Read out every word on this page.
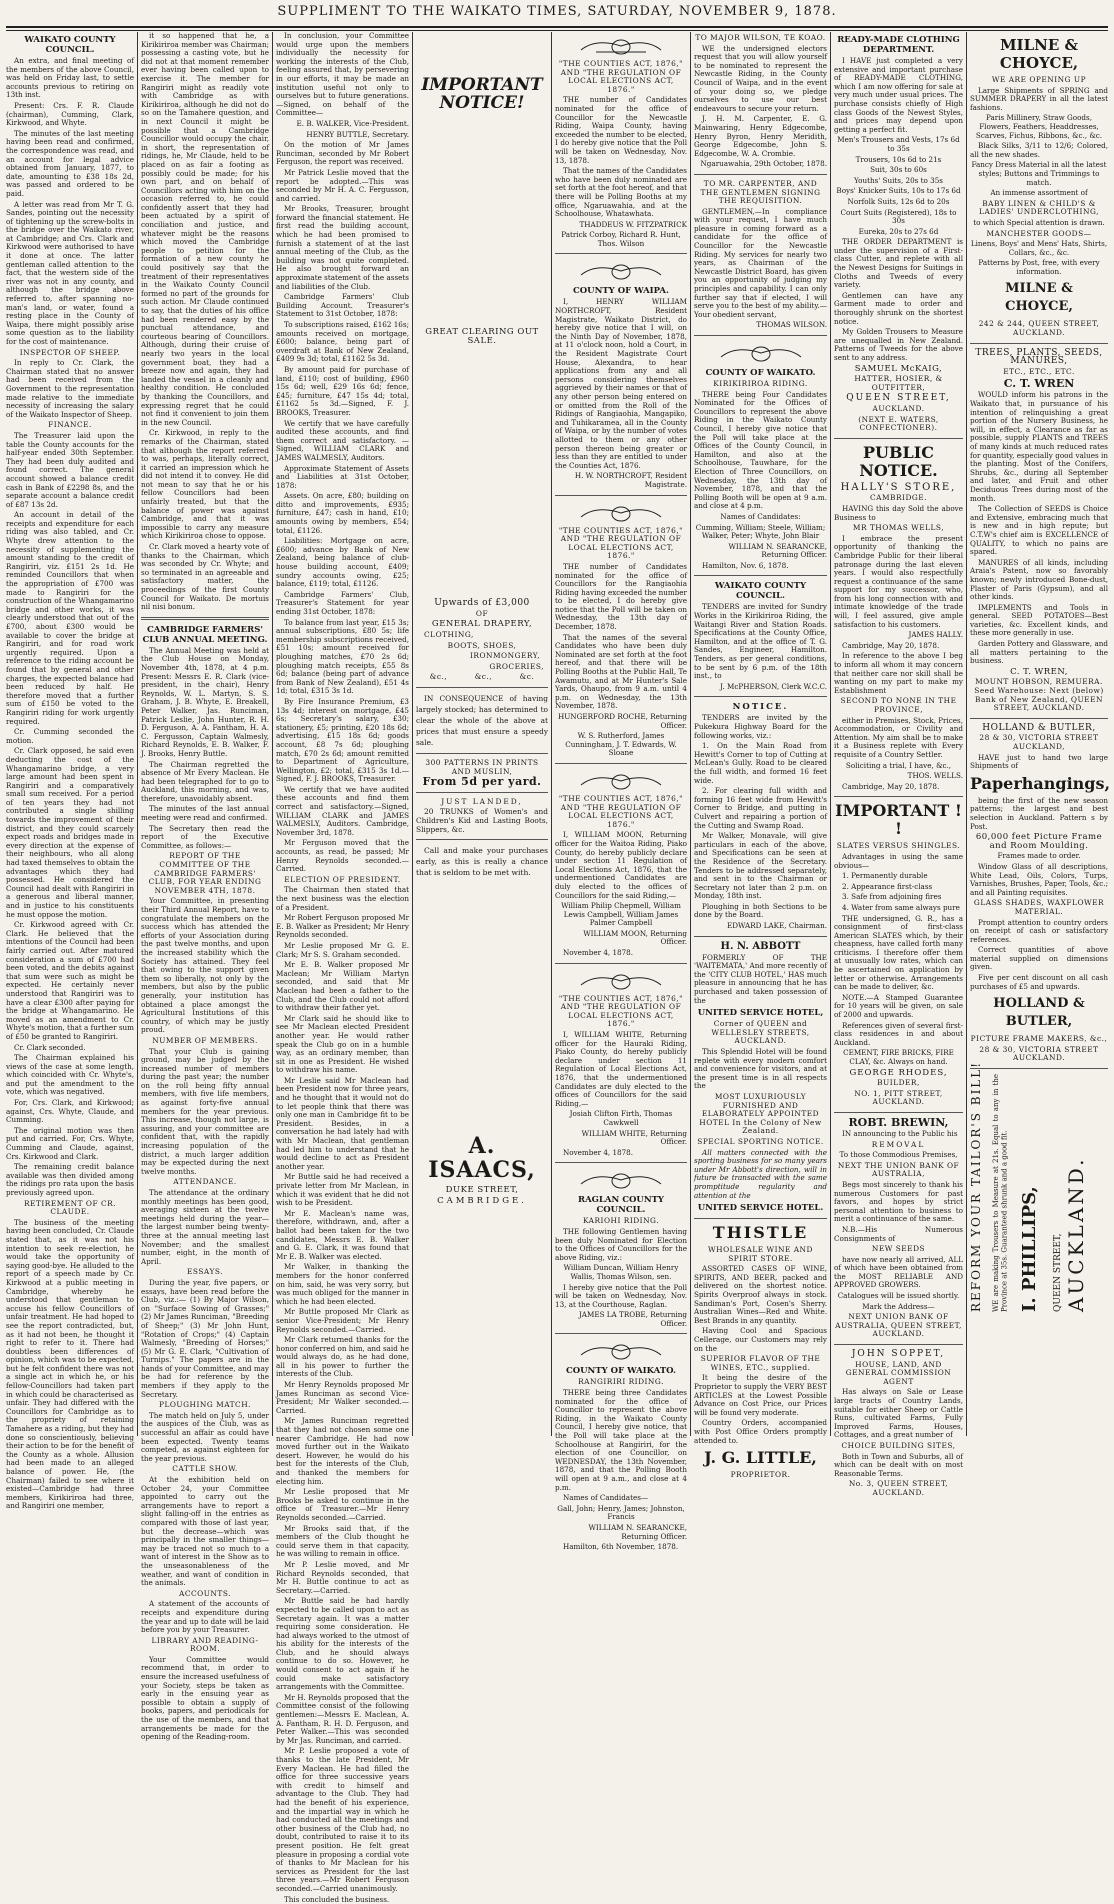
SUPPLIMENT TO THE WAIKATO TIMES, SATURDAY, NOVEMBER 9, 1878.
WAIKATO COUNTY COUNCIL.

An extra, and final meeting of the members of the above Council, was held on Friday last, to settle accounts previous to retiring on 13th inst.

Present: Crs. F. R. Claude (chairman), Cumming, Clark, Kirkwood, and Whyte.

The minutes of the last meeting having been read and confirmed, the correspondence was read, and an account for legal advice obtained from January, 1877, to date, amounting to £38 18s 2d, was passed and ordered to be paid.

A letter was read from Mr T. G. Sandes, pointing out the necessity of tightening up the screw-bolts in the bridge over the Waikato river, at Cambridge; and Crs. Clark and Kirkwood were authorised to have it done at once. The latter gentleman called attention to the fact, that the western side of the river was not in any county, and although the bridge above referred to, after spanning no-man's land, or water, found a resting place in the County of Waipa, there might possibly arise some question as to the liability for the cost of maintenance.

INSPECTOR OF SHEEP.

In reply to Cr. Clark, the Chairman stated that no answer had been received from the Government to the representation made relative to the immediate necessity of increasing the salary of the Waikato Inspector of Sheep.

FINANCE.

The Treasurer laid upon the table the County accounts for the half-year ended 30th September. They had been duly audited and found correct. The general account showed a balance credit cash in Bank of £2298 8s, and the separate account a balance credit of £87 13s 2d.

An account in detail of the receipts and expenditure for each riding was also tabled, and Cr. Whyte drew attention to the necessity of supplementing the amount standing to the credit of Rangiriri, viz. £151 2s 1d. He reminded Councillors that when the appropriation of £700 was made to Rangiriri for the construction of the Whangamarino bridge and other works, it was clearly understood that out of the £700, about £300 would be available to cover the bridge at Rangiriri, and for road work urgently required. Upon a reference to the riding account be found that by general and other charges, the expected balance had been reduced by half. He therefore moved that a further sum of £150 be voted to the Rangiriri riding for work urgently required.

Cr. Cumming seconded the motion.

Cr. Clark opposed, he said even deducting the cost of the Whangamarino bridge, a very large amount had been spent in Rangiriri and a comparatively small sum received. For a period of ten years they had not contributed a single shilling towards the improvement of their district, and they could scarcely expect roads and bridges made in every direction at the expense of their neighbours, who all along had taxed themselves to obtain the advantages which they had possessed. He considered the Council had dealt with Rangiriri in a generous and liberal manner, and in justice to his constituents he must oppose the motion.

Cr. Kirkwood agreed with Cr. Clark. He believed that the intentions of the Council had been fairly carried out. After matured consideration a sum of £700 had been voted, and the debits against that sum were such as might be expected. He certainly never understood that Rangiriri was to have a clear £300 after paying for the bridge at Whangamarino. He moved as an amendment to Cr. Whyte's motion, that a further sum of £50 be granted to Rangiriri.

Cr. Clark seconded.

The Chairman explained his views of the case at some length, which coincided with Cr. Whyte's, and put the amendment to the vote, which was negatived.

For, Crs. Clark, and Kirkwood; against, Crs. Whyte, Claude, and Cumming.

The original motion was then put and carried. For, Crs. Whyte, Cumming and Claude, against, Crs. Kirkwood and Clark.

The remaining credit balance available was then divided among the ridings pro rata upon the basis previously agreed upon.

RETIREMENT OF CR. CLAUDE.

The business of the meeting having been concluded, Cr. Claude stated that, as it was not his intention to seek re-election, he would take the opportunity of saying good-bye. He alluded to the report of a speech made by Cr. Kirkwood at a public meeting in Cambridge, whereby he understood that gentleman to accuse his fellow Councillors of unfair treatment. He had hoped to see the report contradicted, but, as it had not been, he thought it right to refer to it. There had doubtless been differences of opinion, which was to be expected, but he felt confident there was not a single act in which he, or his fellow-Councillors had taken part in which could be characterised as unfair. They had differed with the Councillors for Cambridge as to the propriety of retaining Tamahere as a riding, but they had done so conscientiously, believing their action to be for the benefit of the County as a whole. Allusion had been made to an alleged balance of power. He, (the Chairman) failed to see where it existed—Cambridge had three members, Kirikiriroa had three, and Rangiriri one member,

it so happened that he, a Kirikiriroa member was Chairman; possessing a casting vote, but he did not at that moment remember ever having been called upon to exercise it. The member for Rangiriri might as readily vote with Cambridge as with Kirikiriroa, although he did not do so on the Tamahere question, and in next Council it might be possible that a Cambridge Councillor would occupy the chair, in short, the representation of ridings, he, Mr Claude, held to be placed on as fair a footing as possibly could be made; for his own part, and on behalf of Councillors acting with him on the occasion referred to, he could confidently assert that they had been actuated by a spirit of conciliation and justice, and whatever might be the reasons which moved the Cambridge people to petition for the formation of a new county he could positively say that the treatment of their representatives in the Waikato County Council formed no part of the grounds for such action. Mr Claude continued to say, that the duties of his office had been rendered easy by the punctual attendance, and courteous bearing of Councillors. Although, during their cruise of nearly two years in the local government boat, they had a breeze now and again, they had landed the vessel in a cleanly and healthy condition. He concluded by thanking the Councillors, and expressing regret that he could not find it convenient to join them in the new Council.

Cr. Kirkwood, in reply to the remarks of the Chairman, stated that although the report referred to was, perhaps, literally correct, it carried an impression which he did not intend it to convey. He did not mean to say that he or his fellow Councillors had been unfairly treated, but that the balance of power was against Cambridge, and that it was impossible to carry any measure which Kirikiriroa chose to oppose.

Cr. Clark moved a hearty vote of thanks to the Chairman, which was seconded by Cr. Whyte; and so terminated in an agreeable and satisfactory matter, the proceedings of the first County Council for Waikato. De mortuis nil nisi bonum.

CAMBRIDGE FARMERS' CLUB ANNUAL MEETING.

The Annual Meeting was held at the Club House on Monday, November 4th, 1878, at 4 p.m. Present: Messrs E. R. Clark (vice-president, in the chair), Henry Reynolds, W. L. Martyn, S. S. Graham, J. B. Whyte, E. Breakell, Peter Walker, Jas. Runciman, Patrick Leslie, John Hunter, R. H. D. Ferguson, A. A. Fantham, H. A. C. Fergusson, Captain Walmesly, Richard Reynolds, E. B. Walker, F. J. Brooks, Henry Buttle.

The Chairman regretted the absence of Mr Every Maclean. He had been telegraphed for to go to Auckland, this morning, and was, therefore, unavoidably absent.

The minutes of the last annual meeting were read and confirmed.

The Secretary then read the report of the Executive Committee, as follows:—

REPORT OF THE COMMITTEE OF THE CAMBRIDGE FARMERS' CLUB, FOR YEAR ENDING NOVEMBER 4TH, 1878.

Your Committee, in presenting their Third Annual Report, have to congratulate the members on the success which has attended the efforts of your Association during the past twelve months, and upon the increased stability which the Society has attained. They feel that owing to the support given them so liberally, not only by the members, but also by the public generally, your institution has obtained a place amongst the Agricultural Institutions of this country, of which may be justly proud.

NUMBER OF MEMBERS.

That your Club is gaining ground, may be judged by the increased number of members during the past year; the number on the roll being fifty annual members, with five life members, as against forty-five annual members for the year previous. This increase, though not large, is assuring, and your committee are confident that, with the rapidly increasing population of the district, a much larger addition may be expected during the next twelve months.

ATTENDANCE.

The attendance at the ordinary monthly meetings has been good, averaging sixteen at the twelve meetings held during the year—the largest number being twenty-three at the annual meeting last November; and the smallest number, eight, in the month of April.

ESSAYS.

During the year, five papers, or essays, have been read before the Club, viz.:— (1) By Major Wilson, on "Surface Sowing of Grasses;" (2) Mr James Runciman, "Breeding of Sheep;" (3) Mr John Hunt, "Rotation of Crops;" (4) Captain Walmesly, "Breeding of Horses;" (5) Mr G. E. Clark, "Cultivation of Turnips." The papers are in the hands of your Committee, and may be had for reference by the members if they apply to the Secretary.

PLOUGHING MATCH.

The match held on July 5, under the auspices of the Club, was as successful an affair as could have been expected. Twenty teams competed, as against eighteen for the year previous.

CATTLE SHOW.

At the exhibition held on October 24, your Committee appointed to carry out the arrangements have to report a slight falling-off in the entries as compared with those of last year, but the decrease—which was principally in the smaller things—may be traced not so much to a want of interest in the Show as to the unseasonableness of the weather, and want of condition in the animals.

ACCOUNTS.

A statement of the accounts of receipts and expenditure during the year and up to date will be laid before you by your Treasurer.

LIBRARY AND READING-ROOM.

Your Committee would recommend that, in order to ensure the increased usefulness of your Society, steps be taken as early in the ensuing year as possible to obtain a supply of books, papers, and periodicals for the use of the members, and that arrangements be made for the opening of the Reading-room.

In conclusion, your Committee would urge upon the members individually the necessity for working the interests of the Club, feeling assured that, by persevering in our efforts, it may be made an institution useful not only to ourselves but to future generations.—Signed, on behalf of the Committee—

E. B. WALKER, Vice-President.

HENRY BUTTLE, Secretary.

On the motion of Mr James Runciman, seconded by Mr Robert Ferguson, the report was received.

Mr Patrick Leslie moved that the report be adopted.—This was seconded by Mr H. A. C. Fergusson, and carried.

Mr Brooks, Treasurer, brought forward the financial statement. He first read the building account, which he had been promised to furnish a statement of at the last annual meeting of the Club, as the building was not quite completed. He also brought forward an approximate statement of the assets and liabilities of the Club.

Cambridge Farmers' Club Building Account. Treasurer's Statement to 31st October, 1878:

To subscriptions raised, £162 16s; amounts received on mortgage, £600; balance, being part of overdraft at Bank of New Zealand, £409 9s 3d; total, £1162 5s 3d.

By amount paid for purchase of land, £110; cost of building, £960 15s 6d; well, £29 16s 6d; fence, £45; furniture, £47 15s 4d; total, £1162 5s 3d.—Signed, F. J. BROOKS, Treasurer.

We certify that we have carefully audited these accounts, and find them correct and satisfactory. — Signed, WILLIAM CLARK and JAMES WALMESLY, Auditors.

Approximate Statement of Assets and Liabilities at 31st October, 1878:

Assets. On acre, £80; building on ditto and improvements, £935; furniture, £47; cash in hand, £10; amounts owing by members, £54; total, £1126.

Liabilities: Mortgage on acre, £600; advance by Bank of New Zealand, being balance of club-house building account, £409; sundry accounts owing, £25; balance, £119; total, £1126.

Cambridge Farmers' Club, Treasurer's Statement for year ending 31st October, 1878:

To balance from last year, £15 3s; annual subscriptions, £80 5s; life membership subscriptions received, £51 10s; amount received for ploughing matches, £70 2s 6d; ploughing match receipts, £55 8s 6d; balance (being part of advance from Bank of New Zealand), £51 4s 1d; total, £315 3s 1d.

By Fire Insurance Premium, £3 13s 4d; interest on mortgage, £45 6s; Secretary's salary, £30; stationery, £5; printing, £20 18s 6d; advertising, £15 18s 6d; goods account, £8 7s 6d; ploughing match, £70 2s 6d; amount remitted to Department of Agriculture, Wellington, £2; total, £315 3s 1d.—Signed, F. J. BROOKS, Treasurer.

We certify that we have audited these accounts and find them correct and satisfactory.—Signed, WILLIAM CLARK and JAMES WALMESLY, Auditors. Cambridge, November 3rd, 1878.

Mr Ferguson moved that the accounts, as read, be passed; Mr Henry Reynolds seconded.—Carried.

ELECTION OF PRESIDENT.

The Chairman then stated that the next business was the election of a President.

Mr Robert Ferguson proposed Mr E. B. Walker as President; Mr Henry Reynolds seconded.

Mr Leslie proposed Mr G. E. Clark; Mr S. S. Graham seconded.

Mr E. B. Walker proposed Mr Maclean; Mr William Martyn seconded, and said that Mr Maclean had been a father to the Club, and the Club could not afford to withdraw their father yet.

Mr Clark said he should like to see Mr Maclean elected President another year. He would rather speak the Club go on in a humble way, as an ordinary member, than sit in one as President. He wished to withdraw his name.

Mr Leslie said Mr Maclean had been President now for three years, and he thought that it would not do to let people think that there was only one man in Cambridge fit to be President. Besides, in a conversation he had lately had with with Mr Maclean, that gentleman had led him to understand that he would decline to act as President another year.

Mr Buttle said he had received a private letter from Mr Maclean, in which it was evident that he did not wish to be President.

Mr E. Maclean's name was, therefore, withdrawn, and, after a ballot had been taken for the two candidates, Messrs E. B. Walker and G. E. Clark, it was found that Mr E. B. Walker was elected.

Mr Walker, in thanking the members for the honor conferred on him, said, he was very sorry, but was much obliged for the manner in which he had been elected.

Mr Buttle proposed Mr Clark as senior Vice-President; Mr Henry Reynolds seconded.—Carried.

Mr Clark returned thanks for the honor conferred on him, and said he would always do, as he had done, all in his power to further the interests of the Club.

Mr Henry Reynolds proposed Mr James Runciman as second Vice-President; Mr Walker seconded.—Carried.

Mr James Runciman regretted that they had not chosen some one nearer Cambridge. He had now moved further out in the Waikato desert. However, he would do his best for the interests of the Club, and thanked the members for electing him.

Mr Leslie proposed that Mr Brooks be asked to continue in the office of Treasurer.—Mr Henry Reynolds seconded.—Carried.

Mr Brooks said that, if the members of the Club thought he could serve them in that capacity, he was willing to remain in office.

Mr P. Leslie moved, and Mr Richard Reynolds seconded, that Mr H. Buttle continue to act as Secretary.—Carried.

Mr Buttle said he had hardly expected to be called upon to act as Secretary again. It was a matter requiring some consideration. He had always worked to the utmost of his ability for the interests of the Club, and he should always continue to do so. However, he would consent to act again if he could make satisfactory arrangements with the Committee.

Mr H. Reynolds proposed that the Committee consist of the following gentlemen:—Messrs E. Maclean, A. A. Fantham, R. H. D. Ferguson, and Peter Walker.—This was seconded by Mr Jas. Runciman, and carried.

Mr P. Leslie proposed a vote of thanks to the late President, Mr Every Maclean. He had filled the office for three successive years with credit to himself and advantage to the Club. They had had the benefit of his experience, and the impartial way in which he had conducted all the meetings and other business of the Club had, no doubt, contributed to raise it to its present position. He felt great pleasure in proposing a cordial vote of thanks to Mr Maclean for his services as President for the last three years.—Mr Robert Ferguson seconded.—Carried unanimously.

This concluded the business.

IMPORTANT NOTICE!
GREAT CLEARING OUT SALE.
Upwards of £3,000
OF
GENERAL DRAPERY,
CLOTHING,
BOOTS, SHOES,
IRONMONGERY,
GROCERIES,
&c.,	&c.,	&c.

IN CONSEQUENCE of having largely stocked; has determined to clear the whole of the above at prices that must ensure a speedy sale.

300 PATTERNS IN PRINTS AND MUSLIN,
From 5d per yard.
JUST LANDED,

20 TRUNKS of Women's and Children's Kid and Lasting Boots, Slippers, &c.

Call and make your purchases early, as this is really a chance that is seldom to be met with.

A. ISAACS,
DUKE STREET,
CAMBRIDGE.
"THE COUNTIES ACT, 1876," AND "THE REGULATION OF LOCAL ELECTIONS ACT, 1876."

THE number of Candidates nominated for the office of Councillor for the Newcastle Riding, Waipa County, having exceeded the number to be elected, I do hereby give notice that the Poll will be taken on Wednesday, Nov. 13, 1878.

That the names of the Candidates who have been duly nominated are set forth at the foot hereof, and that there will be Polling Booths at my office, Ngaruawahia, and at the Schoolhouse, Whatawhata.

THADDEUS W. FITZPATRICK

Patrick Corboy, Richard R. Hunt, Thos. Wilson

COUNTY OF WAIPA.

I, HENRY WILLIAM NORTHCROFT, Resident Magistrate, Waikato District, do hereby give notice that I will, on the Ninth Day of November, 1878, at 11 o'clock noon, hold a Court, in the Resident Magistrate Court House, Alexandra, to hear applications from any and all persons considering themselves aggrieved by their names or that of any other person being entered on or omitted from the Roll of the Ridings of Rangiaohia, Mangapiko, and Tuhikaramea, all in the County of Waipa, or by the number of votes allotted to them or any other person thereon being greater or less than they are entitled to under the Counties Act, 1876.

H. W. NORTHCROFT, Resident Magistrate.

"THE COUNTIES ACT, 1876," AND "THE REGULATION OF LOCAL ELECTIONS ACT, 1876."

THE number of Candidates nominated for the office of Councillors for the Rangiaohia Riding having exceeded the number to be elected, I do hereby give notice that the Poll will be taken on Wednesday, the 13th day of December, 1878.

That the names of the several Candidates who have been duly Nominated are set forth at the foot hereof, and that there will be Polling Booths at the Public Hall, Te Awamutu, and at Mr Hunter's Sale Yards, Ohaupo, from 9 a.m. until 4 p.m. on Wednesday, the 13th November, 1878.

HUNGERFORD ROCHE, Returning Officer.

W. S. Rutherford, James Cunningham, J. T. Edwards, W. Sloane

"THE COUNTIES ACT, 1876," AND "THE REGULATION OF LOCAL ELECTIONS ACT, 1876."

I, WILLIAM MOON, Returning officer for the Waitoa Riding, Piako County, do hereby publicly declare under section 11 Regulation of Local Elections Act, 1876, that the undermentioned Candidates are duly elected to the offices of Councillors for the said Riding,—

William Philip Chepmell, William Lewis Campbell, William James Palmer Campbell

WILLIAM MOON, Returning Officer.

November 4, 1878.

"THE COUNTIES ACT, 1876," AND "THE REGULATION OF LOCAL ELECTIONS ACT, 1876."

I, WILLIAM WHITE, Returning officer for the Hauraki Riding, Piako County, do hereby publicly declare under section 11 Regulation of Local Elections Act, 1876, that the undermentioned Candidates are duly elected to the offices of Councillors for the said Riding,—

Josiah Clifton Firth, Thomas Cawkwell

WILLIAM WHITE, Returning Officer.

November 4, 1878.

RAGLAN COUNTY COUNCIL.
KARIOHI RIDING.

THE following Gentlemen having been duly Nominated for Election to the Offices of Councillors for the above Riding, viz.:

William Duncan, William Henry Wallis, Thomas Wilson, sen.

I hereby give notice that the Poll will be taken on Wednesday, Nov. 13, at the Courthouse, Raglan.

JAMES LA TROBE, Returning Officer.

COUNTY OF WAIKATO.
RANGIRIRI RIDING.

THERE being three Candidates nominated for the office of Councillor to represent the above Riding, in the Waikato County Council, I hereby give notice, that the Poll will take place at the Schoolhouse at Rangiriri, for the election of one Councillor, on WEDNESDAY, the 13th November, 1878, and that the Polling Booth will open at 9 a.m., and close at 4 p.m.

Names of Candidates—

Gall, John; Henry, James; Johnston, Francis

WILLIAM N. SEARANCKE, Returning Officer.

Hamilton, 6th November, 1878.

TO MAJOR WILSON, TE KOAO.

WE the undersigned electors request that you will allow yourself to be nominated to represent the Newcastle Riding, in the County Council of Waipa, and in the event of your doing so, we pledge ourselves to use our best endeavours to secure your return.

J. H. M. Carpenter, E. G. Mainwaring, Henry Edgecombe, Henry Byron, Henry Meridith, George Edgecombe, John S. Edgecombe, W. A. Crombie.

Ngaruawahia, 29th October, 1878.

TO MR. CARPENTER, AND THE GENTLEMEN SIGNING THE REQUISITION.

GENTLEMEN,—In compliance with your request, I have much pleasure in coming forward as a candidate for the office of Councillor for the Newcastle Riding. My services for nearly two years, as Chairman of the Newcastle District Board, has given you an opportunity of judging my principles and capability. I can only further say that if elected, I will serve you to the best of my ability.—Your obedient servant,

THOMAS WILSON.

COUNTY OF WAIKATO.
KIRIKIRIROA RIDING.

THERE being Four Candidates Nominated for the Offices of Councillors to represent the above Riding in the Waikato County Council, I hereby give notice that the Poll will take place at the Offices of the County Council, in Hamilton, and also at the Schoolhouse, Tauwhare, for the Election of Three Councillors, on Wednesday, the 13th day of November, 1878, and that the Polling Booth will be open at 9 a.m. and close at 4 p.m.

Names of Candidates:

Cumming, William; Steele, William; Walker, Peter; Whyte, John Blair

WILLIAM N. SEARANCKE, Returning Officer.

Hamilton, Nov. 6, 1878.

WAIKATO COUNTY COUNCIL.

TENDERS are invited for Sundry Works in the Kirikiriroa Riding, the Waitangi River and Station Roads. Specifications at the County Office, Hamilton, and at the office of T. G. Sandes, Engineer, Hamilton. Tenders, as per general conditions, to be sent by 6 p.m. of the 18th inst., to

J. McPHERSON, Clerk W.C.C.

NOTICE.

TENDERS are invited by the Pukekura Highway Board for the following works, viz.:

1. On the Main Road from Hewitt's Corner to top of Cutting at McLean's Gully. Road to be cleared the full width, and formed 16 feet wide.

2. For clearing full width and forming 16 feet wide from Hewitt's Corner to Bridge, and putting in Culvert and repairing a portion of the Cutting and Swamp Road.

Mr Walker, Monavale, will give particulars in each of the above, and Specifications can be seen at the Residence of the Secretary. Tenders to be addressed separately, and sent in to the Chairman or Secretary not later than 2 p.m. on Monday, 18th inst.

Ploughing in both Sections to be done by the Board.

EDWARD LAKE, Chairman.

H. N. ABBOTT

FORMERLY OF THE 'WAITEMATA,' And more recently of the 'CITY CLUB HOTEL,' HAS much pleasure in announcing that he has purchased and taken possession of the

UNITED SERVICE HOTEL,
Corner of QUEEN and WELLESLEY STREETS, AUCKLAND.

This Splendid Hotel will be found replete with every modern comfort and convenience for visitors, and at the present time is in all respects the

MOST LUXURIOUSLY FURNISHED AND ELABORATELY APPOINTED HOTEL In the Colony of New Zealand.
SPECIAL SPORTING NOTICE.

All matters connected with the sporting business for so many years under Mr Abbott's direction, will in future be transacted with the same promptitude regularity and attention at the

UNITED SERVICE HOTEL.
THISTLE
WHOLESALE WINE AND SPIRIT STORE.

ASSORTED CASES OF WINE, SPIRITS, AND BEER, packed and delivered on the shortest notice. Spirits Overproof always in stock. Sandiman's Port, Cosen's Sherry. Australian Wines—Red and White. Best Brands in any quantity.

Having Cool and Spacious Cellerage, our Customers may rely on the

SUPERIOR FLAVOR OF THE WINES, ETC., supplied.

It being the desire of the Proprietor to supply the VERY BEST ARTICLES at the Lowest Possible Advance on Cost Price, our Prices will be found very moderate.

Country Orders, accompanied with Post Office Orders promptly attended to.

J. G. LITTLE,
PROPRIETOR.
READY-MADE CLOTHING DEPARTMENT.

I HAVE just completed a very extensive and important purchase of READY-MADE CLOTHING, which I am now offering for sale at very much under usual prices. The purchase consists chiefly of High class Goods of the Newest Styles, and prices may depend upon getting a perfect fit.

Men's Trousers and Vests, 17s 6d to 35s

Trousers, 10s 6d to 21s

Suit, 30s to 60s

Youths' Suits, 20s to 35s

Boys' Knicker Suits, 10s to 17s 6d

Norfolk Suits, 12s 6d to 20s

Court Suits (Registered), 18s to 30s

Eureka, 20s to 27s 6d

THE ORDER DEPARTMENT is under the supervision of a First-class Cutter, and replete with all the Newest Designs for Suitings in Cloths and Tweeds of every variety.

Gentlemen can have any Garment made to order and thoroughly shrunk on the shortest notice.

My Golden Trousers to Measure are unequalled in New Zealand. Patterns of Tweeds for the above sent to any address.

SAMUEL McKAIG,
HATTER, HOSIER, & OUTFITTER,
QUEEN STREET,
AUCKLAND.
(NEXT E. WATERS, CONFECTIONER).
PUBLIC NOTICE.
HALLY'S STORE,
CAMBRIDGE.

HAVING this day Sold the above Business to

MR THOMAS WELLS,

I embrace the present opportunity of thanking the Cambridge Public for their liberal patronage during the last eleven years. I would also respectfully request a continuance of the same support for my successor, who, from his long connection with and intimate knowledge of the trade will, I feel assured, give ample satisfaction to his customers.

JAMES HALLY.

Cambridge, May 20, 1878.

In reference to the above I beg to inform all whom it may concern that neither care nor skill shall be wanting on my part to make my Establishment

SECOND TO NONE IN THE PROVINCE,

either in Premises, Stock, Prices, Accommodation, or Civility and Attention. My aim shall be to make it a Business replete with Every requisite of a Country Settler.

Soliciting a trial, I have, &c.,

THOS. WELLS.

Cambridge, May 20, 1878.

IMPORTANT ! !
SLATES VERSUS SHINGLES.

Advantages in using the same obvious—

1. Permanently durable

2. Appearance first-class

3. Safe from adjoining fires

4. Water from same always pure

THE undersigned, G. R., has a consignment of first-class American SLATES which, by their cheapness, have called forth many criticisms. I therefore offer them at unusually low rates, which can be ascertained on application by letter or otherwise. Arrangements can be made to deliver, &c.

NOTE.—A Stamped Guarantee for 10 years will be given, on sale of 2000 and upwards.

References given of several first-class residences in and about Auckland.

CEMENT, FIRE BRICKS, FIRE CLAY, &c. Always on hand.

GEORGE RHODES,
BUILDER,
NO. 1, PITT STREET, AUCKLAND.
ROBT. BREWIN,

IN announcing to the Public his

REMOVAL

To those Commodious Premises,

NEXT THE UNION BANK OF AUSTRALIA,

Begs most sincerely to thank his numerous Customers for past favors, and hopes by strict personal attention to business to merit a continuance of the same.

N.B.—His Numerous Consignments of

NEW SEEDS

have now nearly all arrived, ALL of which have been obtained from the MOST RELIABLE AND APPROVED GROWERS.

Catalogues will be issued shortly.

Mark the Address—

NEXT UNION BANK OF AUSTRALIA, QUEEN STREET, AUCKLAND.
JOHN SOPPET,
HOUSE, LAND, AND GENERAL COMMISSION AGENT

Has always on Sale or Lease large tracts of Country Lands, suitable for either Sheep or Cattle Runs, cultivated Farms, Fully Improved Farms, Houses, Cottages, and a great number of

CHOICE BUILDING SITES,

Both in Town and Suburbs, all of which can be dealt with on most Reasonable Terms.

No. 3, QUEEN STREET, AUCKLAND.
MILNE & CHOYCE,
WE ARE OPENING UP

Large Shipments of SPRING and SUMMER DRAPERY in all the latest fashions.

Paris Millinery, Straw Goods, Flowers, Feathers, Headdresses, Scarves, Fichus, Ribbons, &c., &c.

Black Silks, 3/11 to 12/6; Colored, all the new shades.

Fancy Dress Material in all the latest styles; Buttons and Trimmings to match.

An immense assortment of

BABY LINEN & CHILD'S & LADIES' UNDERCLOTHING,

to which Special attention is drawn.

MANCHESTER GOODS—

Linens, Boys' and Mens' Hats, Shirts, Collars, &c., &c.

Patterns by Post, free, with every information.

MILNE & CHOYCE,
242 & 244, QUEEN STREET, AUCKLAND.
TREES, PLANTS, SEEDS, MANURES,
ETC., ETC., ETC.
C. T. WREN

WOULD inform his patrons in the Waikato that, in pursuance of his intention of relinquishing a great portion of the Nursery Business, he will, in effect, a Clearance as far as possible, supply PLANTS and TREES of many kinds at much reduced rates for quantity, especially good values in the planting. Most of the Conifers, Shrubs, &c., during all September and later, and Fruit and other Deciduous Trees during most of the month.

The Collection of SEEDS is Choice and Extensive, embracing much that is new and in high repute; but C.T.W's chief aim is EXCELLENCE of QUALITY, to which no pains are spared.

MANURES of all kinds, including Araia's Patent, now so favorably known; newly introduced Bone-dust, Plaster of Paris (Gypsum), and all other kinds.

IMPLEMENTS and Tools in general. SEED POTATOES—Best varieties, &c. Excellent kinds, and these more generally in use.

Garden Pottery and Glassware, and all matters pertaining to the business.

C. T. WREN,
MOUNT HOBSON, REMUERA. Seed Warehouse: Next (below) Bank of New Zealand, QUEEN STREET, AUCKLAND.
HOLLAND & BUTLER,
28 & 30, VICTORIA STREET AUCKLAND,

HAVE just to hand two large Shipments of

Paperhangings,

being the first of the new season patterns; the largest and best selection in Auckland. Pattern s by Post.

60,000 feet Picture Frame and Room Moulding.

Frames made to order.

Window Glass of all descriptions, White Lead, Oils, Colors, Turps, Varnishes, Brushes, Paper, Tools, &c.; and all Painting requisites.

GLASS SHADES, WAXFLOWER MATERIAL.

Prompt attention to country orders on receipt of cash or satisfactory references.

Correct quantities of above material supplied on dimensions given.

Five per cent discount on all cash purchases of £5 and upwards.

HOLLAND & BUTLER,
PICTURE FRAME MAKERS, &c.,
28 & 30, VICTORIA STREET AUCKLAND.
REFORM YOUR TAILOR'S BILL! WE are making Trousers to Measure at 21s. Equal to any in the Province at 35s. Guaranteed shrunk and a good fit. I. PHILLIPS, QUEEN STREET, AUCKLAND.
